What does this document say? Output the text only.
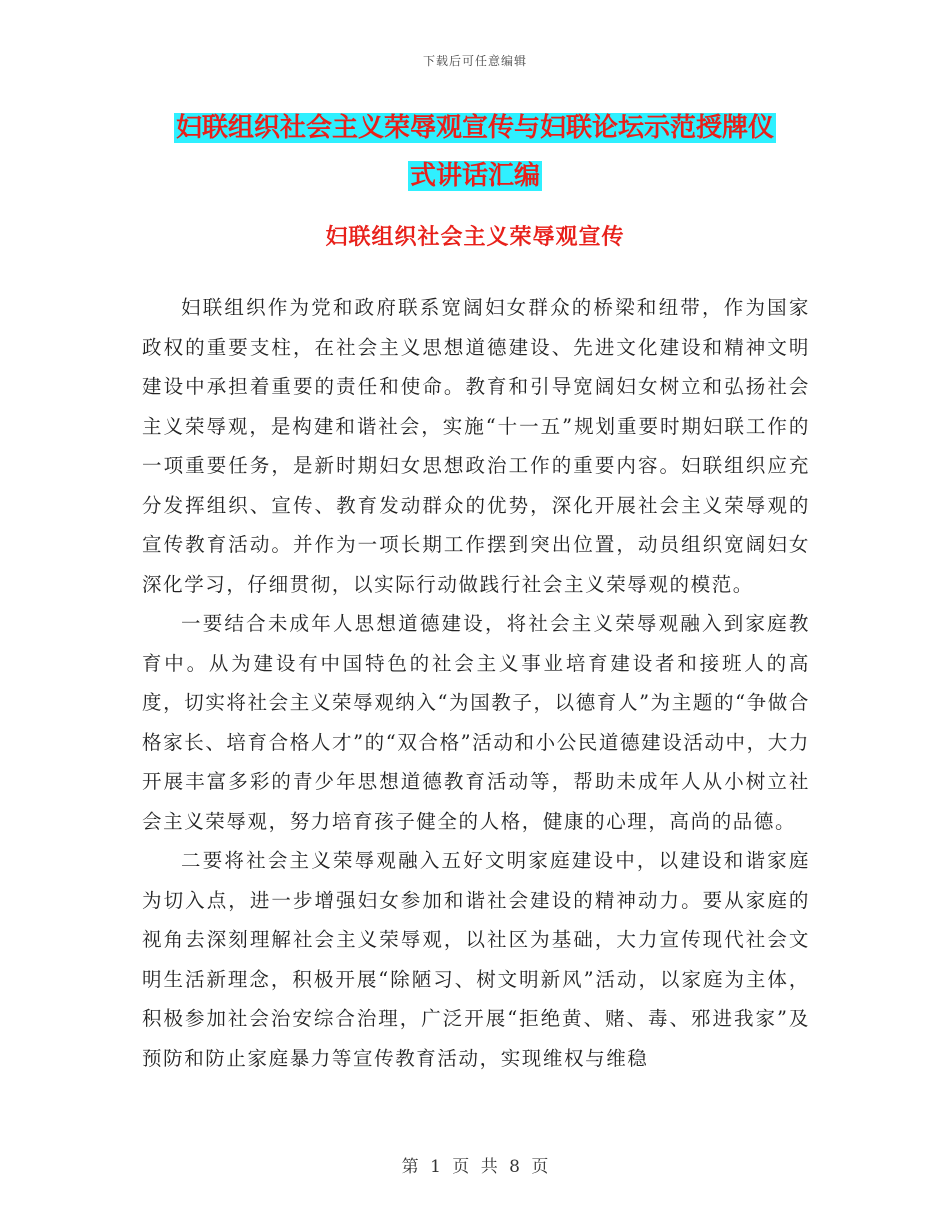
下载后可任意编辑
妇联组织社会主义荣辱观宣传与妇联论坛示范授牌仪
式讲话汇编
妇联组织社会主义荣辱观宣传

妇联组织作为党和政府联系宽阔妇女群众的桥梁和纽带，作为国家政权的重要支柱，在社会主义思想道德建设、先进文化建设和精神文明建设中承担着重要的责任和使命。教育和引导宽阔妇女树立和弘扬社会主义荣辱观，是构建和谐社会，实施“十一五”规划重要时期妇联工作的一项重要任务，是新时期妇女思想政治工作的重要内容。妇联组织应充分发挥组织、宣传、教育发动群众的优势，深化开展社会主义荣辱观的宣传教育活动。并作为一项长期工作摆到突出位置，动员组织宽阔妇女深化学习，仔细贯彻，以实际行动做践行社会主义荣辱观的模范。

一要结合未成年人思想道德建设，将社会主义荣辱观融入到家庭教育中。从为建设有中国特色的社会主义事业培育建设者和接班人的高度，切实将社会主义荣辱观纳入“为国教子，以德育人”为主题的“争做合格家长、培育合格人才”的“双合格”活动和小公民道德建设活动中，大力开展丰富多彩的青少年思想道德教育活动等，帮助未成年人从小树立社会主义荣辱观，努力培育孩子健全的人格，健康的心理，高尚的品德。

二要将社会主义荣辱观融入五好文明家庭建设中，以建设和谐家庭为切入点，进一步增强妇女参加和谐社会建设的精神动力。要从家庭的视角去深刻理解社会主义荣辱观，以社区为基础，大力宣传现代社会文明生活新理念，积极开展“除陋习、树文明新风”活动，以家庭为主体，积极参加社会治安综合治理，广泛开展“拒绝黄、赌、毒、邪进我家”及预防和防止家庭暴力等宣传教育活动，实现维权与维稳

第 1 页 共 8 页
